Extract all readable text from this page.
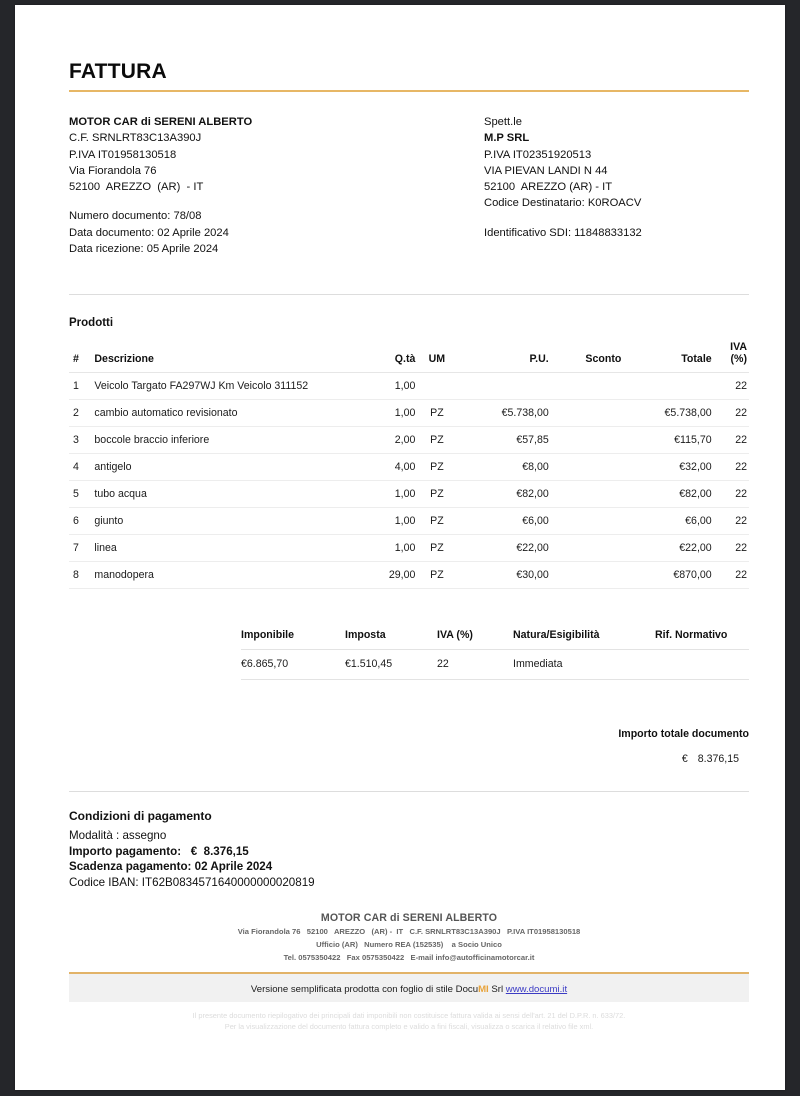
FATTURA
MOTOR CAR di SERENI ALBERTO
C.F. SRNLRT83C13A390J
P.IVA IT01958130518
Via Fiorandola 76
52100  AREZZO  (AR)  - IT
Numero documento: 78/08
Data documento: 02 Aprile 2024
Data ricezione: 05 Aprile 2024
Spett.le
M.P SRL
P.IVA IT02351920513
VIA PIEVAN LANDI N 44
52100  AREZZO (AR) - IT
Codice Destinatario: K0ROACV
Identificativo SDI: 11848833132
Prodotti
#	Descrizione	Q.tà	UM	P.U.	Sconto	Totale	IVA
(%)
1	Veicolo Targato FA297WJ Km Veicolo 311152	1,00					22
2	cambio automatico revisionato	1,00	PZ	€5.738,00		€5.738,00	22
3	boccole braccio inferiore	2,00	PZ	€57,85		€115,70	22
4	antigelo	4,00	PZ	€8,00		€32,00	22
5	tubo acqua	1,00	PZ	€82,00		€82,00	22
6	giunto	1,00	PZ	€6,00		€6,00	22
7	linea	1,00	PZ	€22,00		€22,00	22
8	manodopera	29,00	PZ	€30,00		€870,00	22
Imponibile	Imposta	IVA (%)	Natura/Esigibilità	Rif. Normativo
€6.865,70	€1.510,45	22	Immediata	
Importo totale documento
€ 8.376,15
Condizioni di pagamento
Modalità : assegno
Importo pagamento:   €  8.376,15
Scadenza pagamento: 02 Aprile 2024
Codice IBAN: IT62B0834571640000000020819
MOTOR CAR di SERENI ALBERTO
Via Fiorandola 76   52100   AREZZO   (AR) -  IT   C.F. SRNLRT83C13A390J   P.IVA IT01958130518
Ufficio (AR)   Numero REA (152535)    a Socio Unico
Tel. 0575350422   Fax 0575350422   E-mail info@autofficinamotorcar.it
Versione semplificata prodotta con foglio di stile DocuMI Srl www.documi.it
Il presente documento riepilogativo dei principali dati imponibili non costituisce fattura valida ai sensi dell'art. 21 del D.P.R. n. 633/72.
Per la visualizzazione del documento fattura completo e valido a fini fiscali, visualizza o scarica il relativo file xml.
